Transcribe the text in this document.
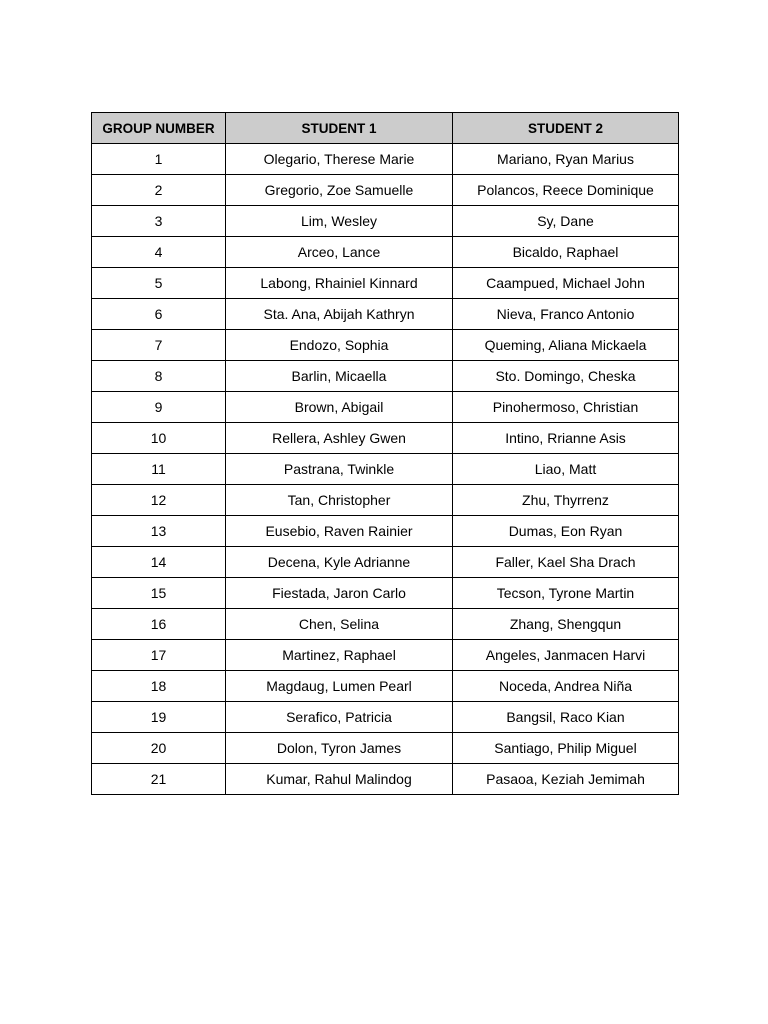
GROUP NUMBER	STUDENT 1	STUDENT 2
1	Olegario, Therese Marie	Mariano, Ryan Marius
2	Gregorio, Zoe Samuelle	Polancos, Reece Dominique
3	Lim, Wesley	Sy, Dane
4	Arceo, Lance	Bicaldo, Raphael
5	Labong, Rhainiel Kinnard	Caampued, Michael John
6	Sta. Ana, Abijah Kathryn	Nieva, Franco Antonio
7	Endozo, Sophia	Queming, Aliana Mickaela
8	Barlin, Micaella	Sto. Domingo, Cheska
9	Brown, Abigail	Pinohermoso, Christian
10	Rellera, Ashley Gwen	Intino, Rrianne Asis
11	Pastrana, Twinkle	Liao, Matt
12	Tan, Christopher	Zhu, Thyrrenz
13	Eusebio, Raven Rainier	Dumas, Eon Ryan
14	Decena, Kyle Adrianne	Faller, Kael Sha Drach
15	Fiestada, Jaron Carlo	Tecson, Tyrone Martin
16	Chen, Selina	Zhang, Shengqun
17	Martinez, Raphael	Angeles, Janmacen Harvi
18	Magdaug, Lumen Pearl	Noceda, Andrea Niña
19	Serafico, Patricia	Bangsil, Raco Kian
20	Dolon, Tyron James	Santiago, Philip Miguel
21	Kumar, Rahul Malindog	Pasaoa, Keziah Jemimah
